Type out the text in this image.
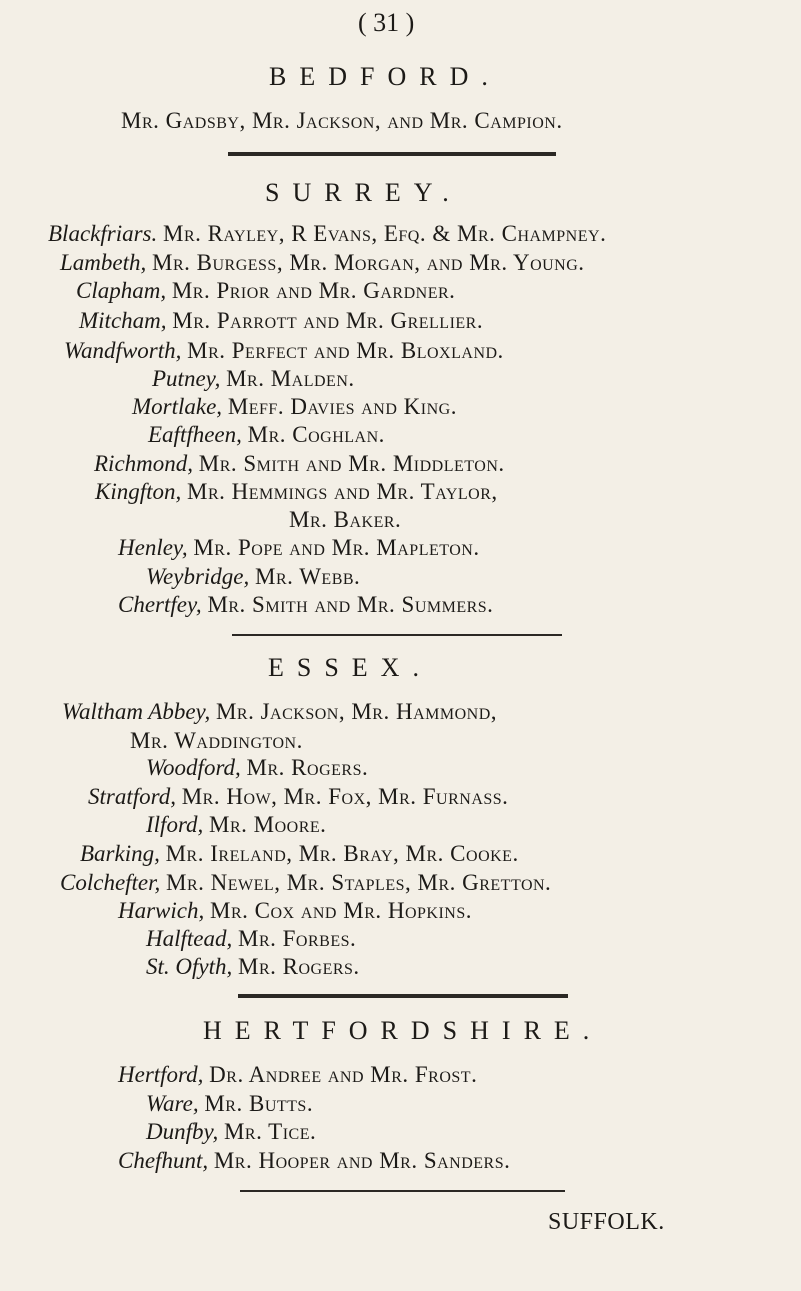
( 31 )
BEDFORD.
Mr. Gadsby, Mr. Jackson, and Mr. Campion.
SURREY.
Blackfriars. Mr. Rayley, R Evans, Efq. & Mr. Champney.
Lambeth, Mr. Burgess, Mr. Morgan, and Mr. Young.
Clapham, Mr. Prior and Mr. Gardner.
Mitcham, Mr. Parrott and Mr. Grellier.
Wandfworth, Mr. Perfect and Mr. Bloxland.
Putney, Mr. Malden.
Mortlake, Meff. Davies and King.
Eaftfheen, Mr. Coghlan.
Richmond, Mr. Smith and Mr. Middleton.
Kingfton, Mr. Hemmings and Mr. Taylor,
Mr. Baker.
Henley, Mr. Pope and Mr. Mapleton.
Weybridge, Mr. Webb.
Chertfey, Mr. Smith and Mr. Summers.
ESSEX.
Waltham Abbey, Mr. Jackson, Mr. Hammond,
Mr. Waddington.
Woodford, Mr. Rogers.
Stratford, Mr. How, Mr. Fox, Mr. Furnass.
Ilford, Mr. Moore.
Barking, Mr. Ireland, Mr. Bray, Mr. Cooke.
Colchefter, Mr. Newel, Mr. Staples, Mr. Gretton.
Harwich, Mr. Cox and Mr. Hopkins.
Halftead, Mr. Forbes.
St. Ofyth, Mr. Rogers.
HERTFORDSHIRE.
Hertford, Dr. Andree and Mr. Frost.
Ware, Mr. Butts.
Dunfby, Mr. Tice.
Chefhunt, Mr. Hooper and Mr. Sanders.
SUFFOLK.
